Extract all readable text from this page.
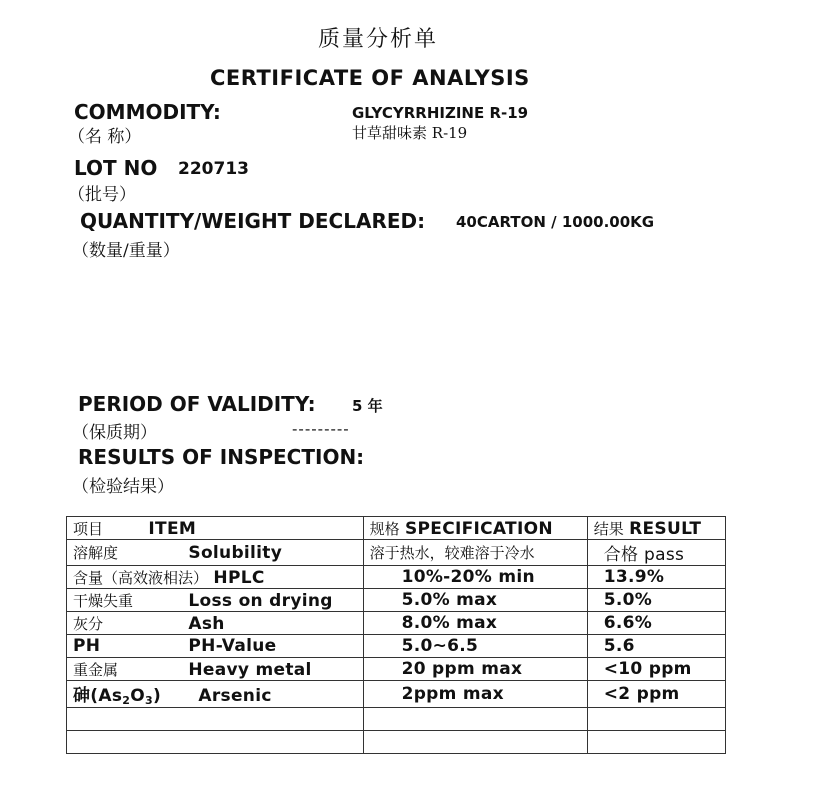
质量分析单
CERTIFICATE OF ANALYSIS
COMMODITY:	GLYCYRRHIZINE R-19
（名 称）	甘草甜味素 R-19
LOT NO 220713
（批号）
QUANTITY/WEIGHT DECLARED: 40CARTON / 1000.00KG
（数量/重量）
PERIOD OF VALIDITY: 5 年
（保质期）	---------
RESULTS OF INSPECTION:
（检验结果）
项目 ITEM	规格 SPECIFICATION	结果 RESULT
溶解度 Solubility	溶于热水，较难溶于冷水	合格 pass
含量（高效液相法） HPLC	10%-20% min	13.9%
干燥失重 Loss on drying	5.0% max	5.0%
灰分 Ash	8.0% max	6.6%
PH PH-Value	5.0~6.5	5.6
重金属 Heavy metal	20 ppm max	<10 ppm
砷(As2O3) Arsenic	2ppm max	<2 ppm
